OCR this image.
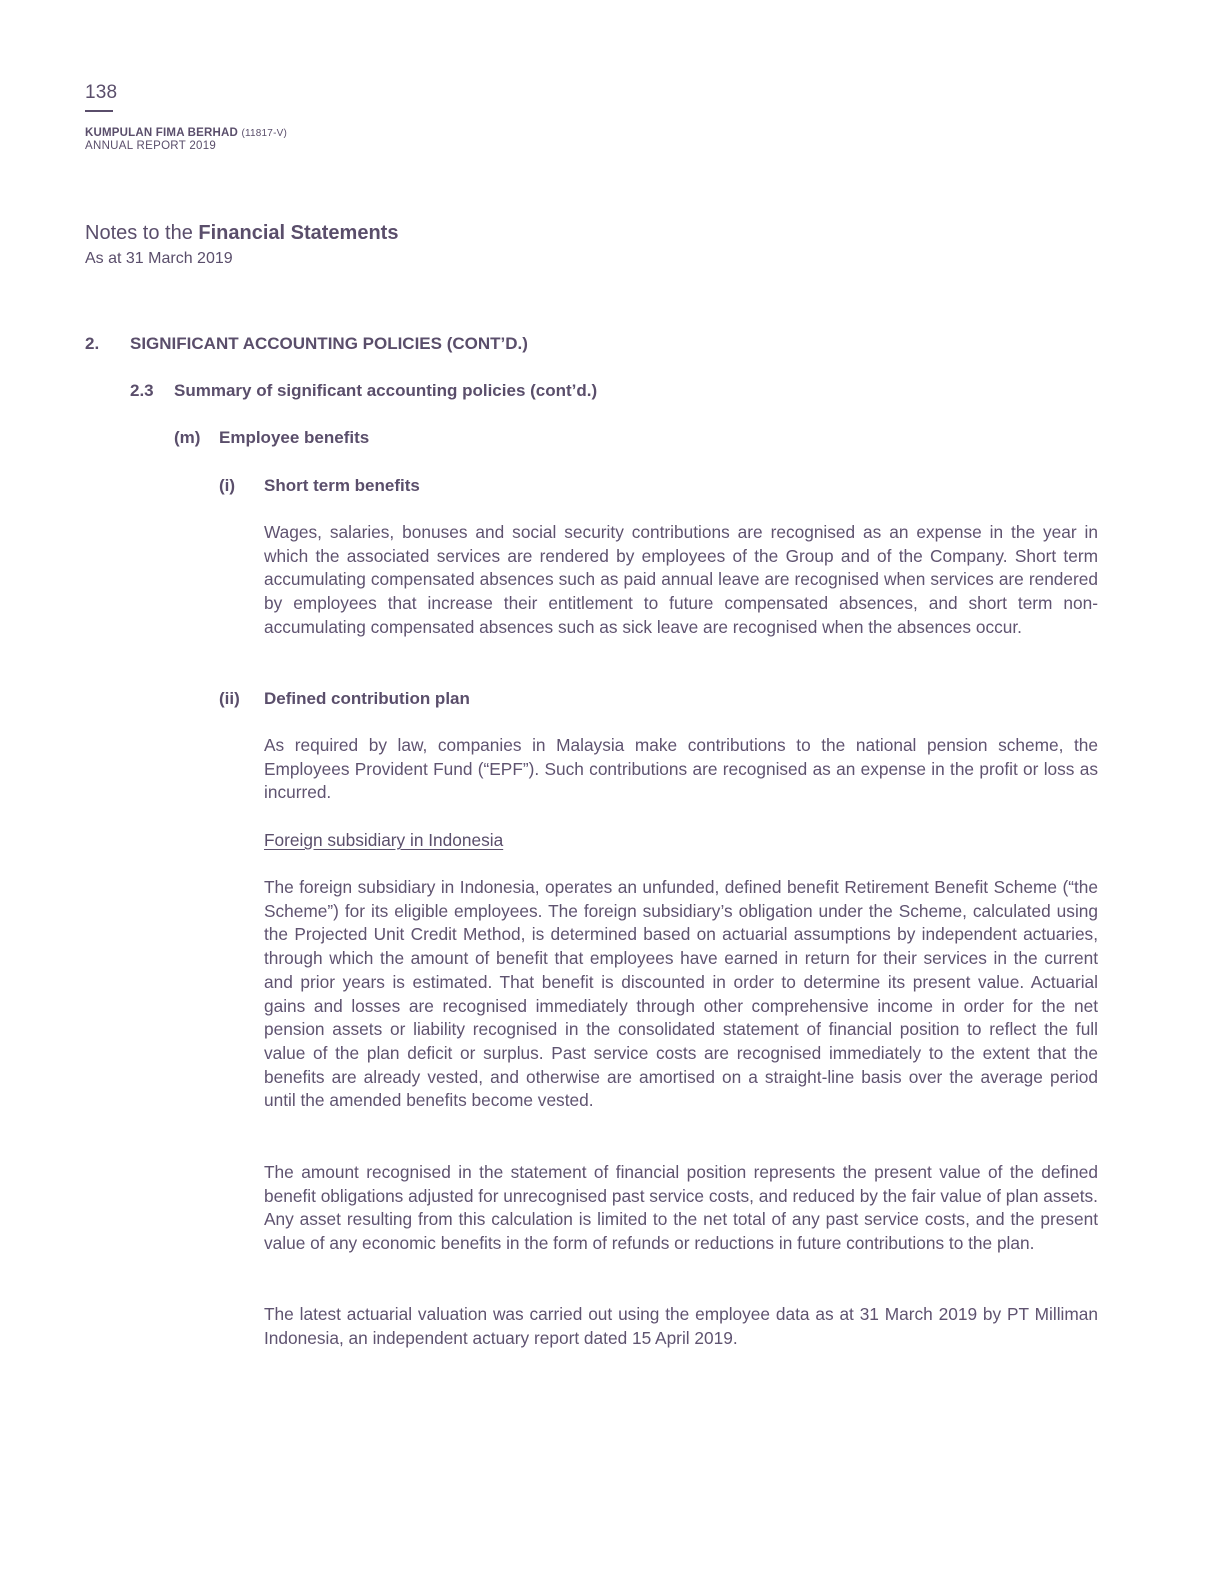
138
KUMPULAN FIMA BERHAD (11817-V)
ANNUAL REPORT 2019
Notes to the Financial Statements
As at 31 March 2019
2. SIGNIFICANT ACCOUNTING POLICIES (CONT’D.)
2.3 Summary of significant accounting policies (cont’d.)
(m) Employee benefits
(i) Short term benefits

Wages, salaries, bonuses and social security contributions are recognised as an expense in the year in which the associated services are rendered by employees of the Group and of the Company. Short term accumulating compensated absences such as paid annual leave are recognised when services are rendered by employees that increase their entitlement to future compensated absences, and short term non-accumulating compensated absences such as sick leave are recognised when the absences occur.

(ii) Defined contribution plan

As required by law, companies in Malaysia make contributions to the national pension scheme, the Employees Provident Fund (“EPF”). Such contributions are recognised as an expense in the profit or loss as incurred.

Foreign subsidiary in Indonesia

The foreign subsidiary in Indonesia, operates an unfunded, defined benefit Retirement Benefit Scheme (“the Scheme”) for its eligible employees. The foreign subsidiary’s obligation under the Scheme, calculated using the Projected Unit Credit Method, is determined based on actuarial assumptions by independent actuaries, through which the amount of benefit that employees have earned in return for their services in the current and prior years is estimated. That benefit is discounted in order to determine its present value. Actuarial gains and losses are recognised immediately through other comprehensive income in order for the net pension assets or liability recognised in the consolidated statement of financial position to reflect the full value of the plan deficit or surplus. Past service costs are recognised immediately to the extent that the benefits are already vested, and otherwise are amortised on a straight-line basis over the average period until the amended benefits become vested.

The amount recognised in the statement of financial position represents the present value of the defined benefit obligations adjusted for unrecognised past service costs, and reduced by the fair value of plan assets. Any asset resulting from this calculation is limited to the net total of any past service costs, and the present value of any economic benefits in the form of refunds or reductions in future contributions to the plan.

The latest actuarial valuation was carried out using the employee data as at 31 March 2019 by PT Milliman Indonesia, an independent actuary report dated 15 April 2019.
